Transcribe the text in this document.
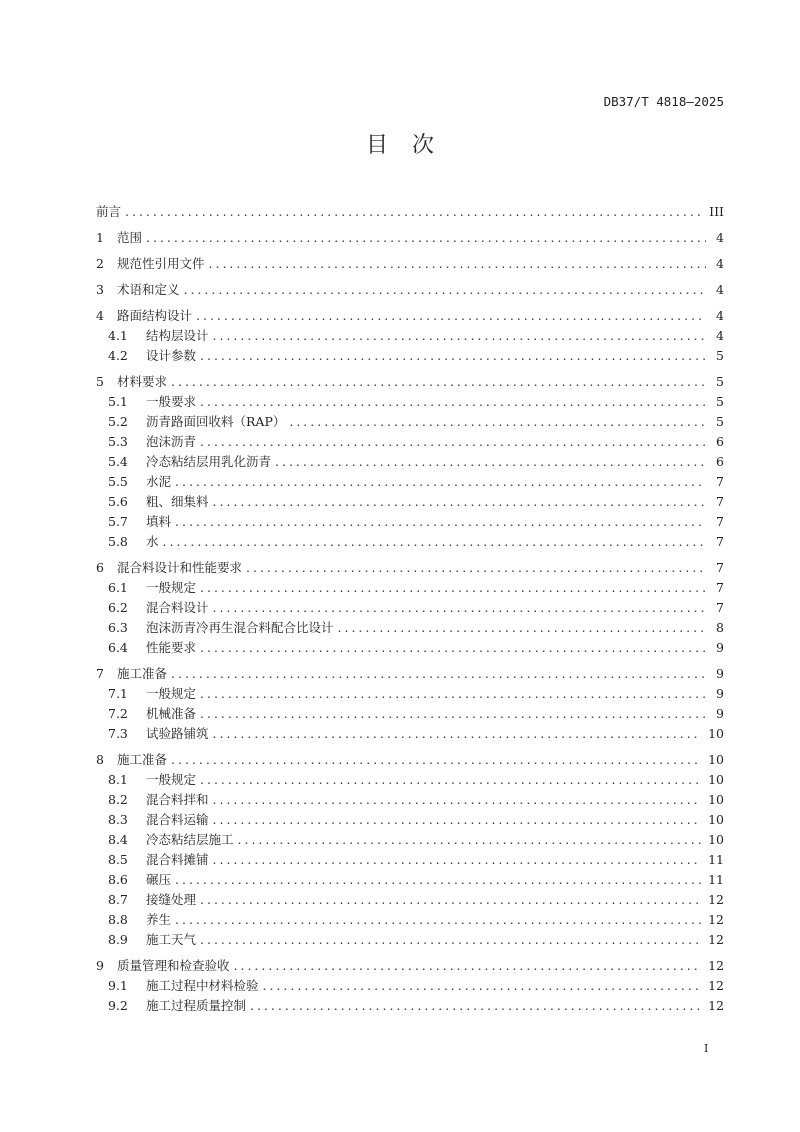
DB37/T 4818—2025
目次
前言 .....	III
1	范围 .....	4
2	规范性引用文件 .....	4
3	术语和定义 .....	4
4	路面结构设计 .....	4
4.1	结构层设计 .....	4
4.2	设计参数 .....	5
5	材料要求 .....	5
5.1	一般要求 .....	5
5.2	沥青路面回收料（RAP） .....	5
5.3	泡沫沥青 .....	6
5.4	冷态粘结层用乳化沥青 .....	6
5.5	水泥 .....	7
5.6	粗、细集料 .....	7
5.7	填料 .....	7
5.8	水 .....	7
6	混合料设计和性能要求 .....	7
6.1	一般规定 .....	7
6.2	混合料设计 .....	7
6.3	泡沫沥青冷再生混合料配合比设计 .....	8
6.4	性能要求 .....	9
7	施工准备 .....	9
7.1	一般规定 .....	9
7.2	机械准备 .....	9
7.3	试验路铺筑 .....	10
8	施工准备 .....	10
8.1	一般规定 .....	10
8.2	混合料拌和 .....	10
8.3	混合料运输 .....	10
8.4	冷态粘结层施工 .....	10
8.5	混合料摊铺 .....	11
8.6	碾压 .....	11
8.7	接缝处理 .....	12
8.8	养生 .....	12
8.9	施工天气 .....	12
9	质量管理和检查验收 .....	12
9.1	施工过程中材料检验 .....	12
9.2	施工过程质量控制 .....	12
I
